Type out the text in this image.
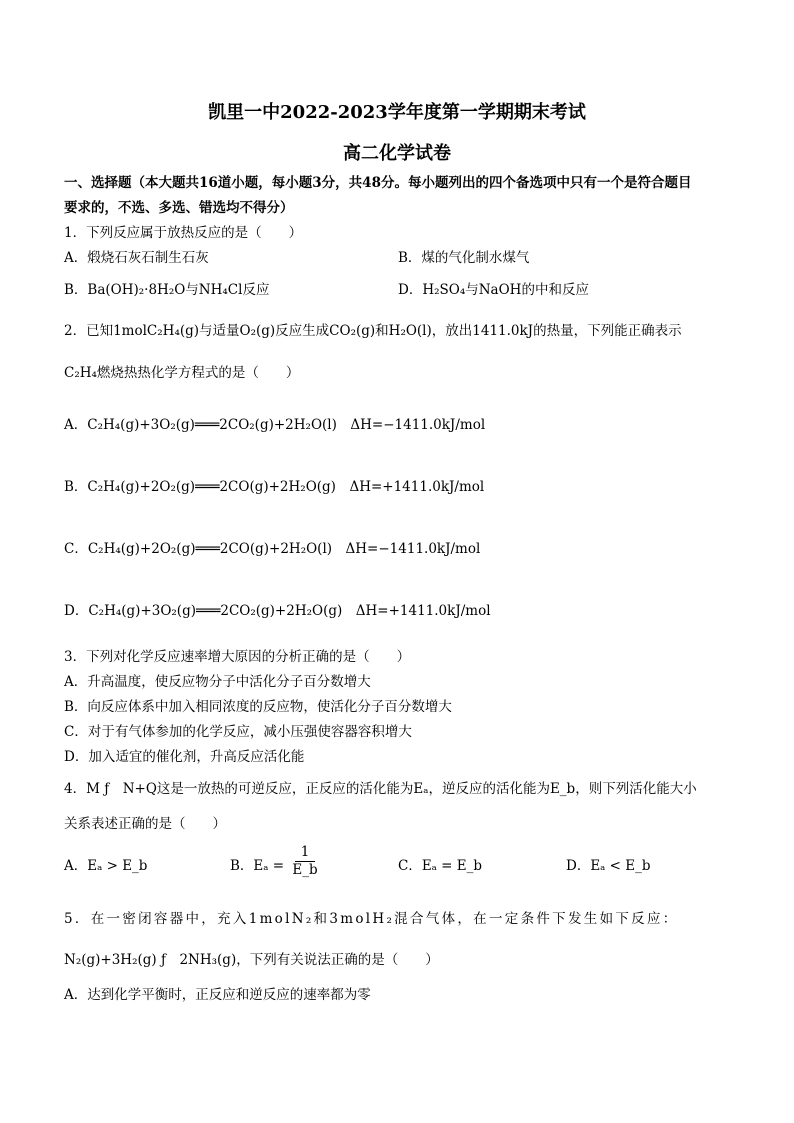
凯里一中2022-2023学年度第一学期期末考试
高二化学试卷
一、选择题（本大题共16道小题，每小题3分，共48分。每小题列出的四个备选项中只有一个是符合题目
要求的，不选、多选、错选均不得分）
1．下列反应属于放热反应的是（　　）
A．煅烧石灰石制生石灰	B．煤的气化制水煤气
B．Ba(OH)₂·8H₂O与NH₄Cl反应	D．H₂SO₄与NaOH的中和反应
2．已知1molC₂H₄(g)与适量O₂(g)反应生成CO₂(g)和H₂O(l)，放出1411.0kJ的热量，下列能正确表示
C₂H₄燃烧热热化学方程式的是（　　）
A．C₂H₄(g)+3O₂(g)═══2CO₂(g)+2H₂O(l)　ΔH=−1411.0kJ/mol
B．C₂H₄(g)+2O₂(g)═══2CO(g)+2H₂O(g)　ΔH=+1411.0kJ/mol
C．C₂H₄(g)+2O₂(g)═══2CO(g)+2H₂O(l)　ΔH=−1411.0kJ/mol
D．C₂H₄(g)+3O₂(g)═══2CO₂(g)+2H₂O(g)　ΔH=+1411.0kJ/mol
3．下列对化学反应速率增大原因的分析正确的是（　　）
A．升高温度，使反应物分子中活化分子百分数增大
B．向反应体系中加入相同浓度的反应物，使活化分子百分数增大
C．对于有气体参加的化学反应，减小压强使容器容积增大
D．加入适宜的催化剂，升高反应活化能
4．M ƒ　N+Q这是一放热的可逆反应，正反应的活化能为Eₐ，逆反应的活化能为E_b，则下列活化能大小
关系表述正确的是（　　）
A．Eₐ > E_b	B．Eₐ =
1
E_b	C．Eₐ = E_b	D．Eₐ < E_b
5．在一密闭容器中，充入1molN₂和3molH₂混合气体，在一定条件下发生如下反应：
N₂(g)+3H₂(g) ƒ　2NH₃(g)，下列有关说法正确的是（　　）
A．达到化学平衡时，正反应和逆反应的速率都为零
